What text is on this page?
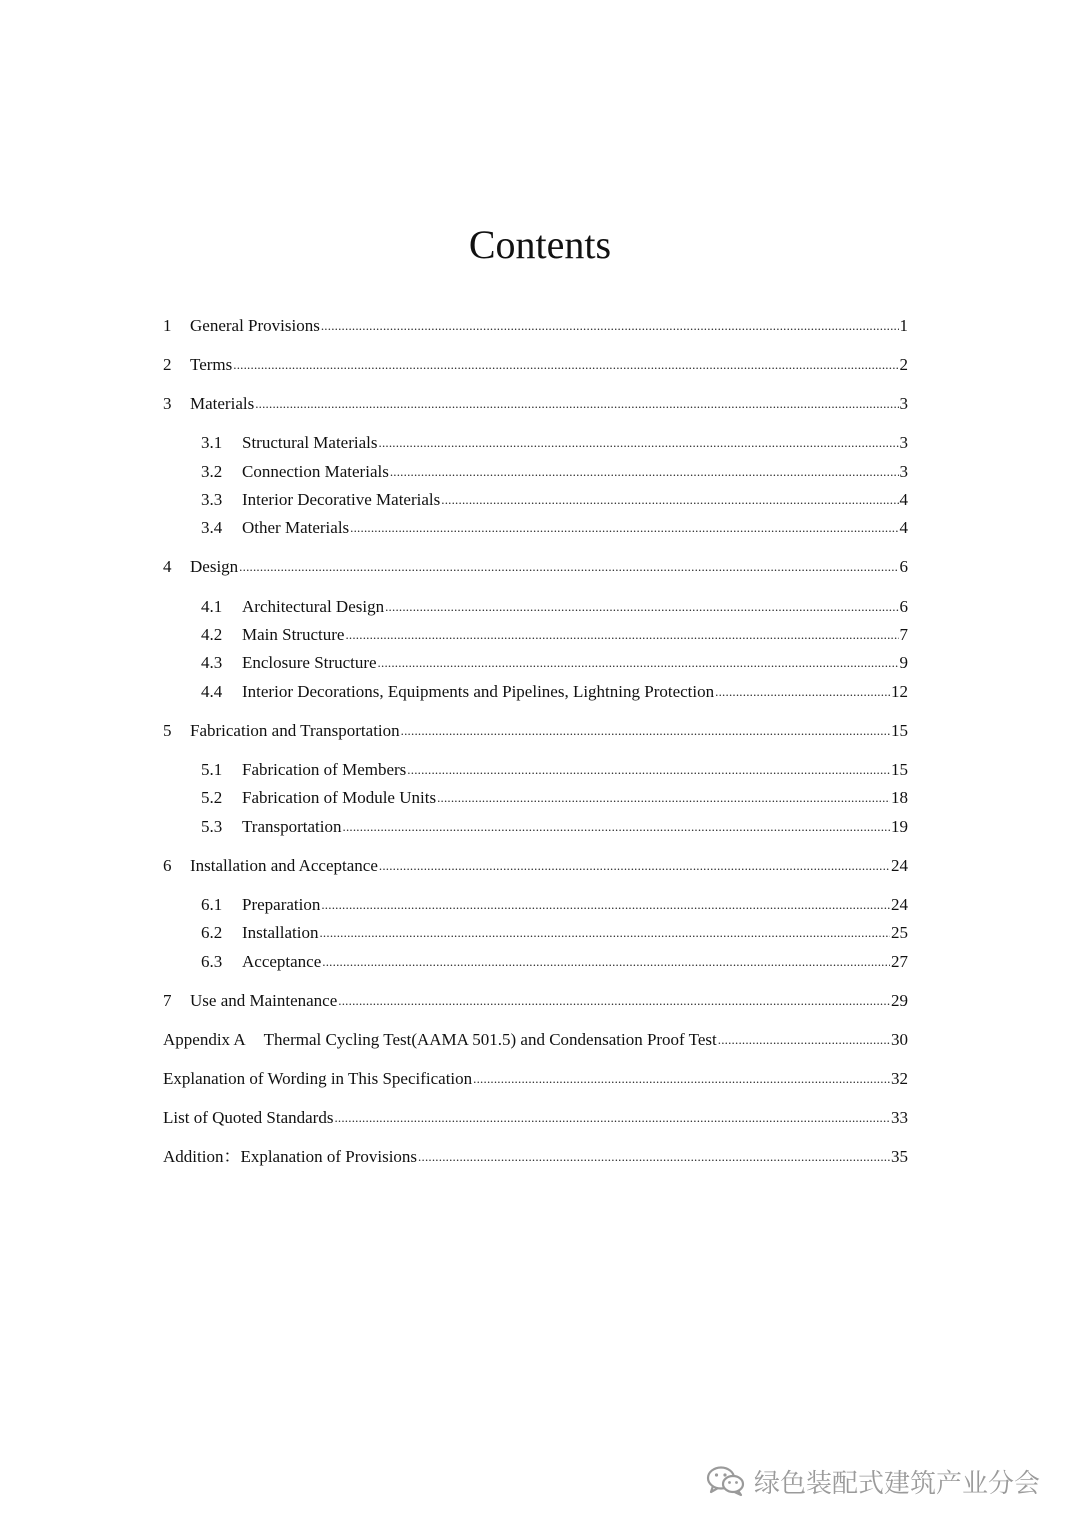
Contents
1	General Provisions .....	1
2	Terms .....	2
3	Materials .....	3
3.1	Structural Materials .....	3
3.2	Connection Materials .....	3
3.3	Interior Decorative Materials .....	4
3.4	Other Materials .....	4
4	Design .....	6
4.1	Architectural Design .....	6
4.2	Main Structure .....	7
4.3	Enclosure Structure .....	9
4.4	Interior Decorations, Equipments and Pipelines, Lightning Protection .....	12
5	Fabrication and Transportation .....	15
5.1	Fabrication of Members .....	15
5.2	Fabrication of Module Units .....	18
5.3	Transportation .....	19
6	Installation and Acceptance .....	24
6.1	Preparation .....	24
6.2	Installation .....	25
6.3	Acceptance .....	27
7	Use and Maintenance .....	29
Appendix A Thermal Cycling Test(AAMA 501.5) and Condensation Proof Test .....	30
Explanation of Wording in This Specification .....	32
List of Quoted Standards .....	33
Addition：Explanation of Provisions .....	35
绿色装配式建筑产业分会
